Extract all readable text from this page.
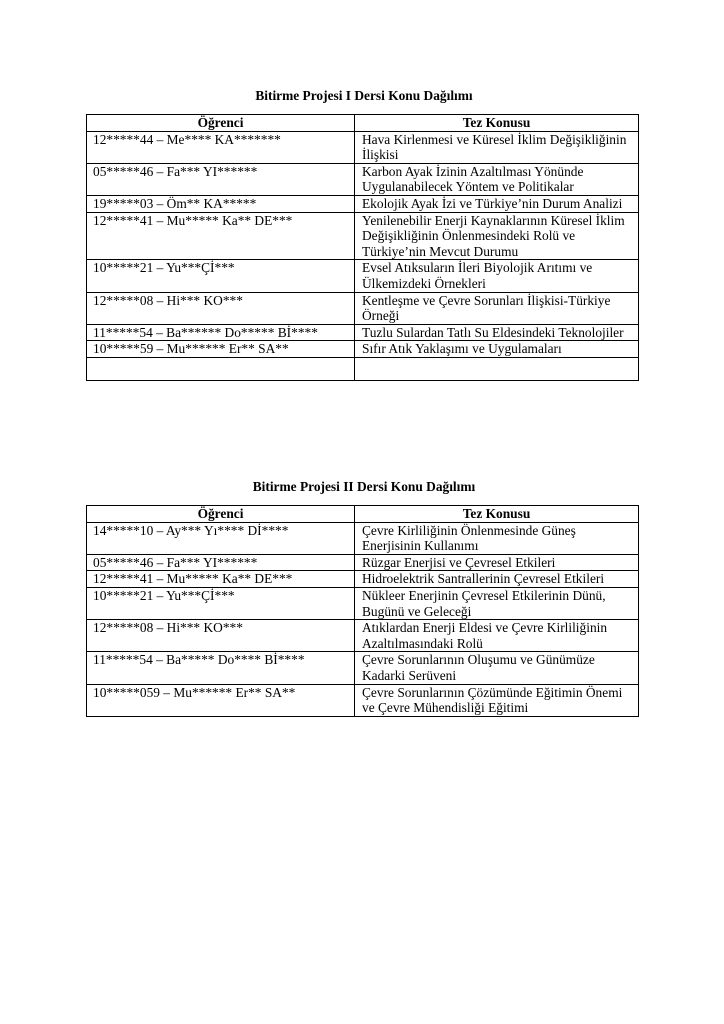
Bitirme Projesi I Dersi Konu Dağılımı
Öğrenci	Tez Konusu
12*****44 – Me**** KA*******	Hava Kirlenmesi ve Küresel İklim Değişikliğinin İlişkisi
05*****46 – Fa*** YI******	Karbon Ayak İzinin Azaltılması Yönünde Uygulanabilecek Yöntem ve Politikalar
19*****03 – Öm** KA*****	Ekolojik Ayak İzi ve Türkiye’nin Durum Analizi
12*****41 – Mu***** Ka** DE***	Yenilenebilir Enerji Kaynaklarının Küresel İklim Değişikliğinin Önlenmesindeki Rolü ve Türkiye’nin Mevcut Durumu
10*****21 – Yu***Çİ***	Evsel Atıksuların İleri Biyolojik Arıtımı ve Ülkemizdeki Örnekleri
12*****08 – Hi*** KO***	Kentleşme ve Çevre Sorunları İlişkisi-Türkiye Örneği
11*****54 – Ba****** Do***** Bİ****	Tuzlu Sulardan Tatlı Su Eldesindeki Teknolojiler
10*****59 – Mu****** Er** SA**	Sıfır Atık Yaklaşımı ve Uygulamaları

Bitirme Projesi II Dersi Konu Dağılımı
Öğrenci	Tez Konusu
14*****10 – Ay*** Yı**** Dİ****	Çevre Kirliliğinin Önlenmesinde Güneş Enerjisinin Kullanımı
05*****46 – Fa*** YI******	Rüzgar Enerjisi ve Çevresel Etkileri
12*****41 – Mu***** Ka** DE***	Hidroelektrik Santrallerinin Çevresel Etkileri
10*****21 – Yu***Çİ***	Nükleer Enerjinin Çevresel Etkilerinin Dünü, Bugünü ve Geleceği
12*****08 – Hi*** KO***	Atıklardan Enerji Eldesi ve Çevre Kirliliğinin Azaltılmasındaki Rolü
11*****54 – Ba***** Do**** Bİ****	Çevre Sorunlarının Oluşumu ve Günümüze Kadarki Serüveni
10*****059 – Mu****** Er** SA**	Çevre Sorunlarının Çözümünde Eğitimin Önemi ve Çevre Mühendisliği Eğitimi
